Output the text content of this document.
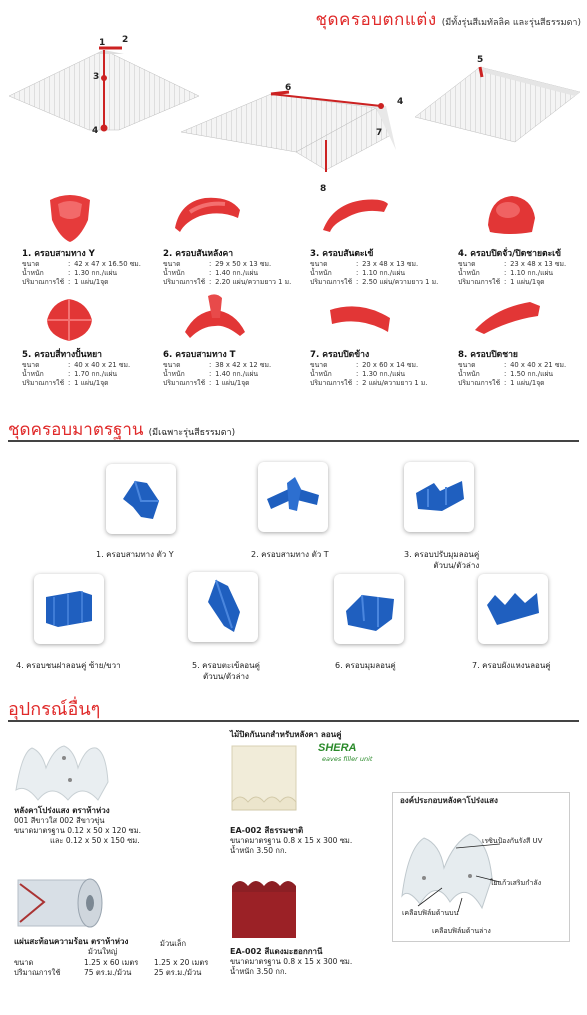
ชุดครอบตกแต่ง (มีทั้งรุ่นสีเมทัลลิค และรุ่นสีธรรมดา)
1 2
3
4
6
4
7
8
5
1. ครอบสามทาง Y
ขนาด	:	42 x 47 x 16.50 ซม.
น้ำหนัก	:	1.30 กก./แผ่น
ปริมาณการใช้	:	1 แผ่น/1จุด
2. ครอบสันหลังคา
ขนาด	:	29 x 50 x 13 ซม.
น้ำหนัก	:	1.40 กก./แผ่น
ปริมาณการใช้	:	2.20 แผ่น/ความยาว 1 ม.
3. ครอบสันตะเข้
ขนาด	:	23 x 48 x 13 ซม.
น้ำหนัก	:	1.10 กก./แผ่น
ปริมาณการใช้	:	2.50 แผ่น/ความยาว 1 ม.
4. ครอบปิดจั่ว/ปิดชายตะเข้
ขนาด	:	23 x 48 x 13 ซม.
น้ำหนัก	:	1.10 กก./แผ่น
ปริมาณการใช้	:	1 แผ่น/1จุด
5. ครอบสี่ทางปั้นหยา
ขนาด	:	40 x 40 x 21 ซม.
น้ำหนัก	:	1.70 กก./แผ่น
ปริมาณการใช้	:	1 แผ่น/1จุด
6. ครอบสามทาง T
ขนาด	:	38 x 42 x 12 ซม.
น้ำหนัก	:	1.40 กก./แผ่น
ปริมาณการใช้	:	1 แผ่น/1จุด
7. ครอบปิดข้าง
ขนาด	:	20 x 60 x 14 ซม.
น้ำหนัก	:	1.30 กก./แผ่น
ปริมาณการใช้	:	2 แผ่น/ความยาว 1 ม.
8. ครอบปิดชาย
ขนาด	:	40 x 40 x 21 ซม.
น้ำหนัก	:	1.50 กก./แผ่น
ปริมาณการใช้	:	1 แผ่น/1จุด
ชุดครอบมาตรฐาน (มีเฉพาะรุ่นสีธรรมดา)
1. ครอบสามทาง ตัว Y	2. ครอบสามทาง ตัว T	3. ครอบปรับมุมลอนคู่
ตัวบน/ตัวล่าง
4. ครอบชนฝาลอนคู่ ซ้าย/ขวา	5. ครอบตะเข้ลอนคู่
ตัวบน/ตัวล่าง
6. ครอบมุมลอนคู่	7. ครอบผังแหงนลอนคู่
อุปกรณ์อื่นๆ
ไม้ปิดกันนกสำหรับหลังคา ลอนคู่
SHERA
eaves filler unit
หลังคาโปร่งแสง ตราห้าห่วง
001 สีขาวใส 002 สีขาวขุ่น
ขนาดมาตรฐาน 0.12 x 50 x 120 ซม.
และ 0.12 x 50 x 150 ซม.
แผ่นสะท้อนความร้อน ตราห้าห่วง
ม้วนใหญ่
ม้วนเล็ก
ขนาด	1.25 x 60 เมตร 1.25 x 20 เมตร
ปริมาณการใช้	75 ตร.ม./ม้วน	25 ตร.ม./ม้วน
EA-002 สีธรรมชาติ
ขนาดมาตรฐาน 0.8 x 15 x 300 ซม.
น้ำหนัก 3.50 กก.
EA-002 สีแดงมะฮอกกานี
ขนาดมาตรฐาน 0.8 x 15 x 300 ซม.
น้ำหนัก 3.50 กก.
องค์ประกอบหลังคาโปร่งแสง
เรซินป้องกันรังสี UV
ใยแก้วเสริมกำลัง
เคลือบฟิล์มด้านบน
เคลือบฟิล์มด้านล่าง
